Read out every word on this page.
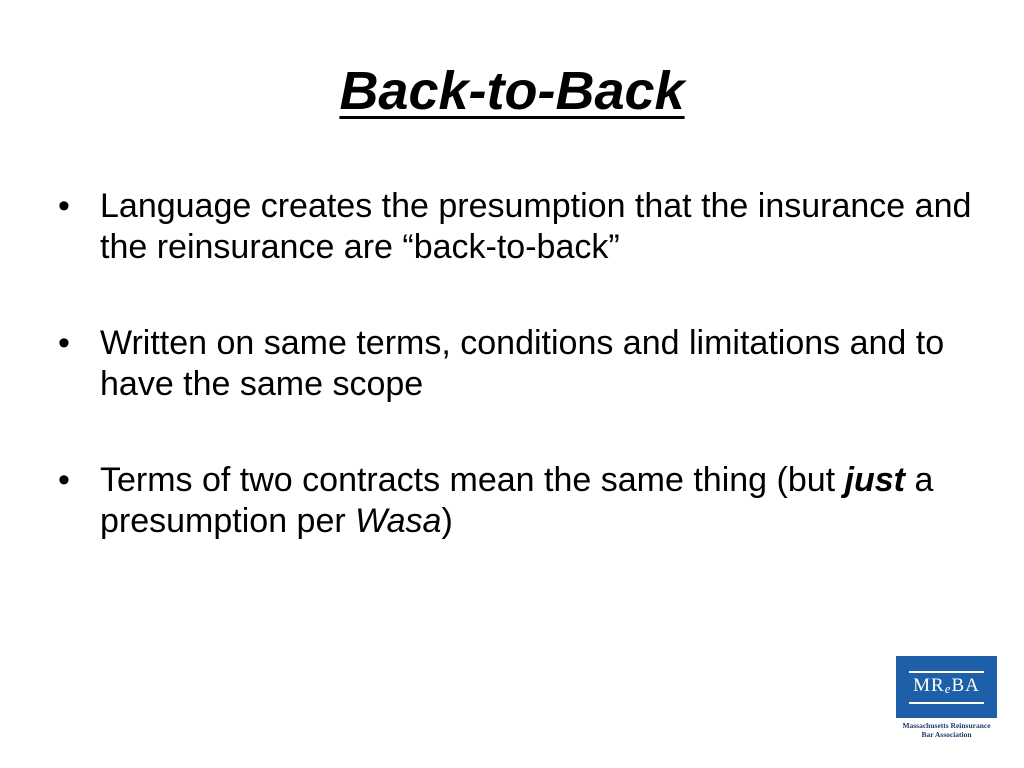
Back-to-Back
• Language creates the presumption that the insurance and the reinsurance are “back-to-back”
• Written on same terms, conditions and limitations and to have the same scope
• Terms of two contracts mean the same thing (but just a presumption per Wasa)
MReBA
Massachusetts Reinsurance
Bar Association
